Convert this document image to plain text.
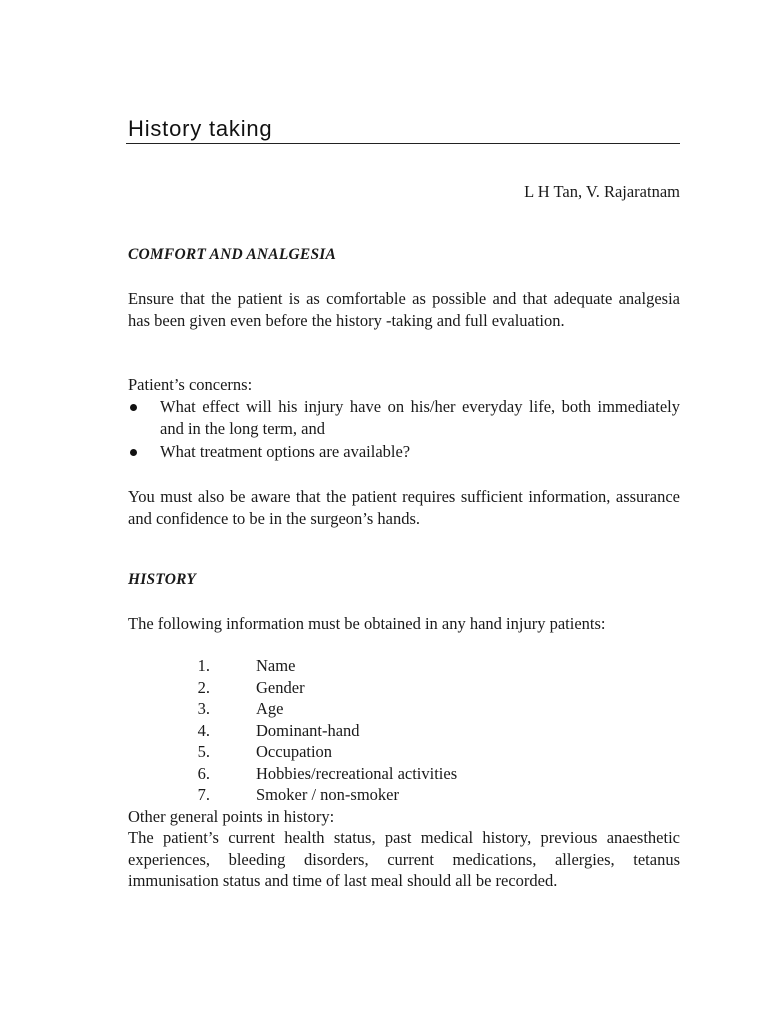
History taking
L H Tan, V. Rajaratnam
COMFORT AND ANALGESIA
Ensure that the patient is as comfortable as possible and that adequate analgesia has been given even before the history -taking and full evaluation.
Patient’s concerns:
What effect will his injury have on his/her everyday life, both immediately and in the long term, and
What treatment options are available?
You must also be aware that the patient requires sufficient information, assurance and confidence to be in the surgeon’s hands.
HISTORY
The following information must be obtained in any hand injury patients:
1.	Name
2.	Gender
3.	Age
4.	Dominant-hand
5.	Occupation
6.	Hobbies/recreational activities
7.	Smoker / non-smoker
Other general points in history:
The patient’s current health status, past medical history, previous anaesthetic experiences, bleeding disorders, current medications, allergies, tetanus immunisation status and time of last meal should all be recorded.
